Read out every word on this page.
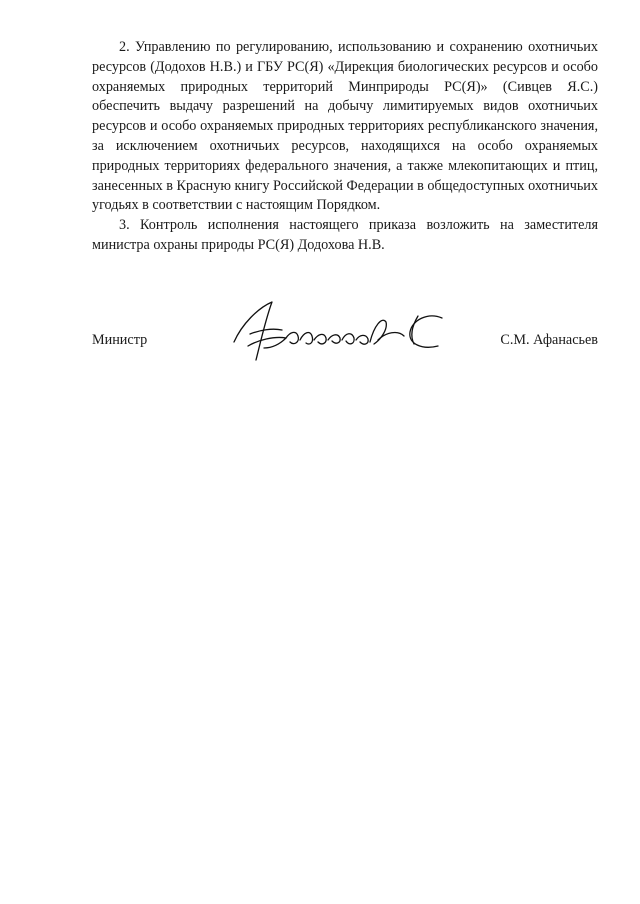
2. Управлению по регулированию, использованию и сохранению охотничьих ресурсов (Додохов Н.В.) и ГБУ РС(Я) «Дирекция биологических ресурсов и особо охраняемых природных территорий Минприроды РС(Я)» (Сивцев Я.С.) обеспечить выдачу разрешений на добычу лимитируемых видов охотничьих ресурсов и особо охраняемых природных территориях республиканского значения, за исключением охотничьих ресурсов, находящихся на особо охраняемых природных территориях федерального значения, а также млекопитающих и птиц, занесенных в Красную книгу Российской Федерации в общедоступных охотничьих угодьях в соответствии с настоящим Порядком.

3. Контроль исполнения настоящего приказа возложить на заместителя министра охраны природы РС(Я) Додохова Н.В.

Министр	С.М. Афанасьев
